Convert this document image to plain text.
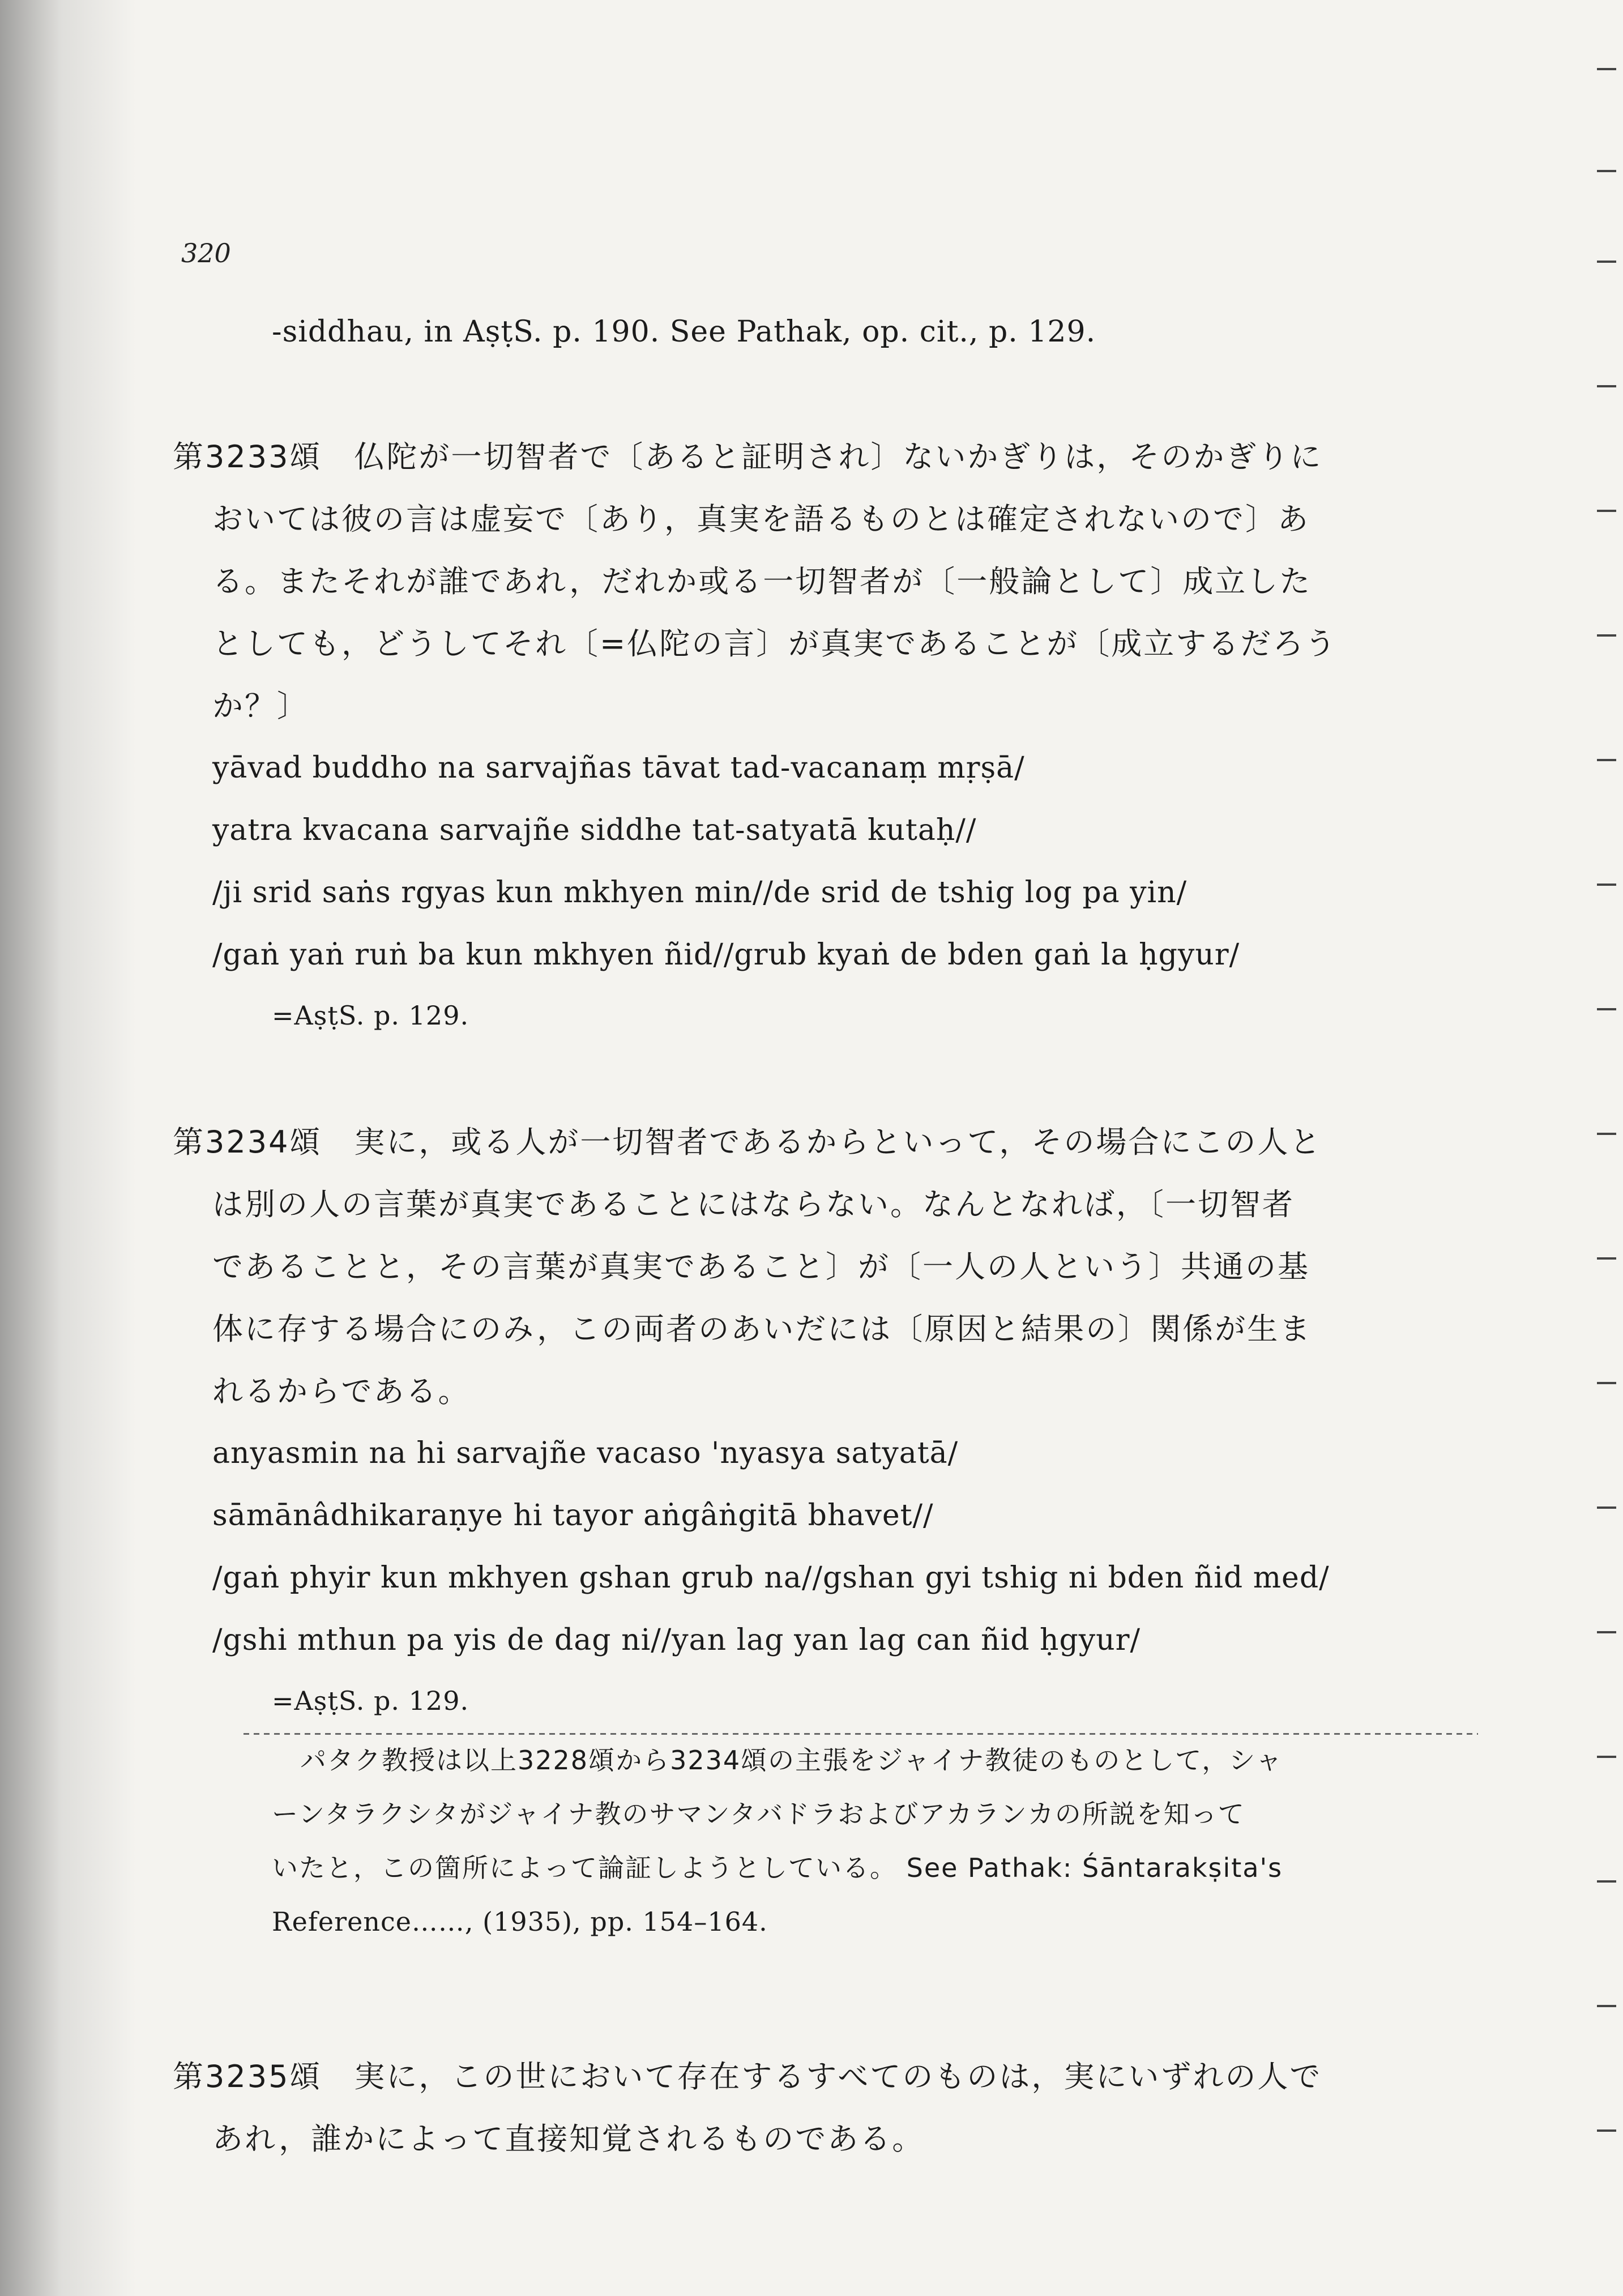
320
-siddhau, in AṣṭS. p. 190. See Pathak, op. cit., p. 129.
第3233頌　仏陀が一切智者で〔あると証明され〕ないかぎりは，そのかぎりに
おいては彼の言は虚妄で〔あり，真実を語るものとは確定されないので〕あ
る。またそれが誰であれ，だれか或る一切智者が〔一般論として〕成立した
としても，どうしてそれ〔=仏陀の言〕が真実であることが〔成立するだろう
か？〕
yāvad buddho na sarvajñas tāvat tad-vacanaṃ mṛṣā/
yatra kvacana sarvajñe siddhe tat-satyatā kutaḥ//
/ji srid saṅs rgyas kun mkhyen min//de srid de tshig log pa yin/
/gaṅ yaṅ ruṅ ba kun mkhyen ñid//grub kyaṅ de bden gaṅ la ḥgyur/
=AṣṭS. p. 129.
第3234頌　実に，或る人が一切智者であるからといって，その場合にこの人と
は別の人の言葉が真実であることにはならない。なんとなれば，〔一切智者
であることと，その言葉が真実であること〕が〔一人の人という〕共通の基
体に存する場合にのみ，この両者のあいだには〔原因と結果の〕関係が生ま
れるからである。
anyasmin na hi sarvajñe vacaso 'nyasya satyatā/
sāmānâdhikaraṇye hi tayor aṅgâṅgitā bhavet//
/gaṅ phyir kun mkhyen gshan grub na//gshan gyi tshig ni bden ñid med/
/gshi mthun pa yis de dag ni//yan lag yan lag can ñid ḥgyur/
=AṣṭS. p. 129.
パタク教授は以上3228頌から3234頌の主張をジャイナ教徒のものとして，シャ
ーンタラクシタがジャイナ教のサマンタバドラおよびアカランカの所説を知って
いたと，この箇所によって論証しようとしている。 See Pathak: Śāntarakṣita's
Reference……, (1935), pp. 154–164.
第3235頌　実に，この世において存在するすべてのものは，実にいずれの人で
あれ，誰かによって直接知覚されるものである。
